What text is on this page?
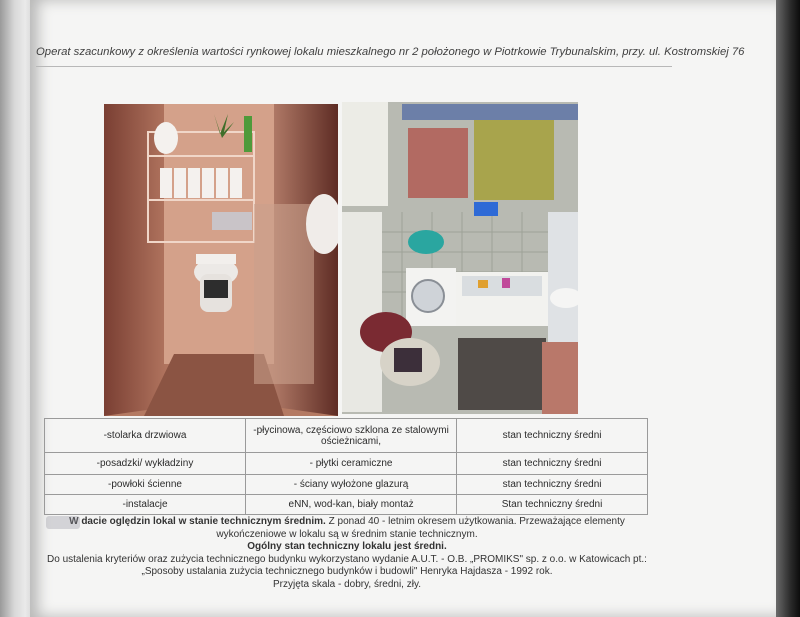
Operat szacunkowy z określenia wartości rynkowej lokalu mieszkalnego nr 2 położonego w Piotrkowie Trybunalskim, przy. ul. Kostromskiej 76
-stolarka drzwiowa	-płycinowa, częściowo szklona ze stalowymi ościeżnicami,	stan techniczny średni
-posadzki/ wykładziny	- płytki ceramiczne	stan techniczny średni
-powłoki ścienne	- ściany wyłożone glazurą	stan techniczny średni
-instalacje	eNN, wod-kan, biały montaż	Stan techniczny średni

W dacie oględzin lokal w stanie technicznym średnim. Z ponad 40 - letnim okresem użytkowania. Przeważające elementy wykończeniowe w lokalu są w średnim stanie technicznym.

Ogólny stan techniczny lokalu jest średni.

Do ustalenia kryteriów oraz zużycia technicznego budynku wykorzystano wydanie A.U.T. - O.B. „PROMIKS" sp. z o.o. w Katowicach pt.: „Sposoby ustalania zużycia technicznego budynków i budowli" Henryka Hajdasza - 1992 rok.

Przyjęta skala - dobry, średni, zły.
